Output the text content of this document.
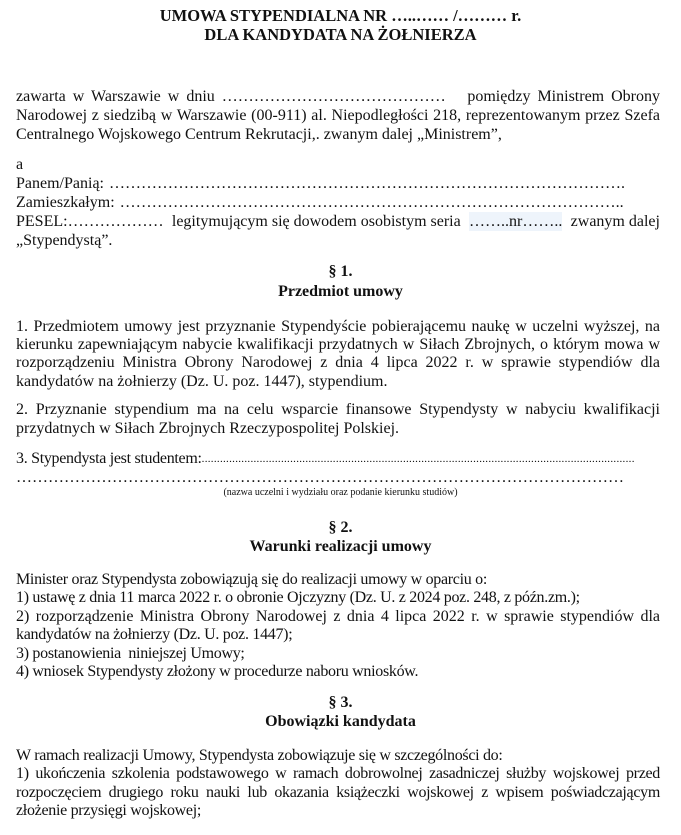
UMOWA STYPENDIALNA NR …..…… /……… r.
DLA KANDYDATA NA ŻOŁNIERZA
zawarta w Warszawie w dniu …………………………………… pomiędzy Ministrem Obrony
Narodowej z siedzibą w Warszawie (00-911) al. Niepodległości 218, reprezentowanym przez Szefa
Centralnego Wojskowego Centrum Rekrutacji,. zwanym dalej „Ministrem”,
a
Panem/Panią: …………………………………………………………………………………….
Zamieszkałym: …………………………………………………………………………………..
PESEL:……………… legitymującym się dowodem osobistym seria ……..nr…….. zwanym dalej
„Stypendystą”.
§ 1.
Przedmiot umowy
1. Przedmiotem umowy jest przyznanie Stypendyście pobierającemu naukę w uczelni wyższej, na
kierunku zapewniającym nabycie kwalifikacji przydatnych w Siłach Zbrojnych, o którym mowa w
rozporządzeniu Ministra Obrony Narodowej z dnia 4 lipca 2022 r. w sprawie stypendiów dla
kandydatów na żołnierzy (Dz. U. poz. 1447), stypendium.
2. Przyznanie stypendium ma na celu wsparcie finansowe Stypendysty w nabyciu kwalifikacji
przydatnych w Siłach Zbrojnych Rzeczypospolitej Polskiej.
3. Stypendysta jest studentem: ..............................................................................................................................................
……………………………………………………………………………………………………
(nazwa uczelni i wydziału oraz podanie kierunku studiów)
§ 2.
Warunki realizacji umowy
Minister oraz Stypendysta zobowiązują się do realizacji umowy w oparciu o:
1) ustawę z dnia 11 marca 2022 r. o obronie Ojczyzny (Dz. U. z 2024 poz. 248, z późn.zm.);
2) rozporządzenie Ministra Obrony Narodowej z dnia 4 lipca 2022 r. w sprawie stypendiów dla
kandydatów na żołnierzy (Dz. U. poz. 1447);
3) postanowienia  niniejszej Umowy;
4) wniosek Stypendysty złożony w procedurze naboru wniosków.
§ 3.
Obowiązki kandydata
W ramach realizacji Umowy, Stypendysta zobowiązuje się w szczególności do:
1) ukończenia szkolenia podstawowego w ramach dobrowolnej zasadniczej służby wojskowej przed
rozpoczęciem drugiego roku nauki lub okazania książeczki wojskowej z wpisem poświadczającym
złożenie przysięgi wojskowej;
